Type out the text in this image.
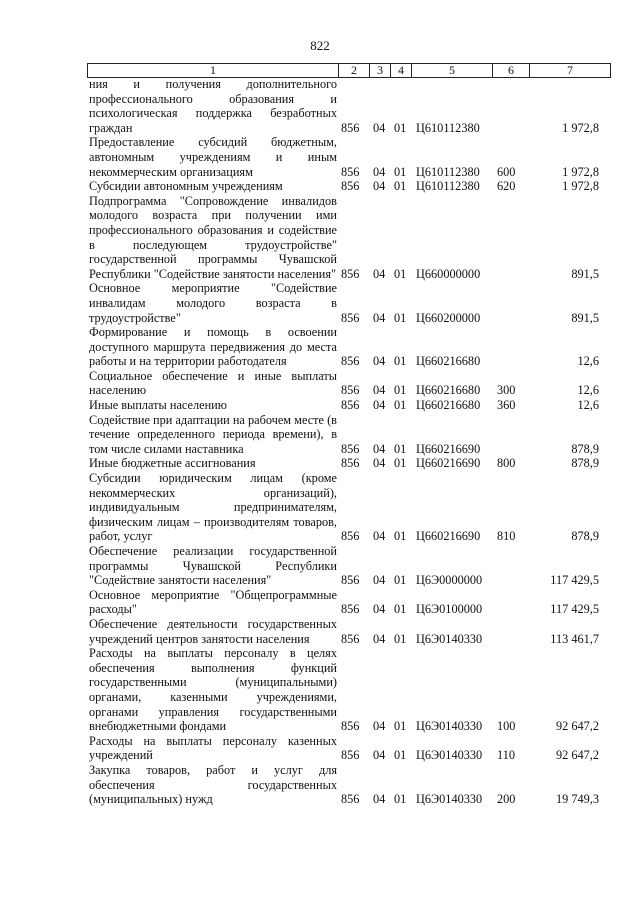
822
1	2	3	4	5	6	7
ния и получения дополнительного профессионального образования и психологическая поддержка безработных граждан	856 04 01 Ц610112380	1 972,8
Предоставление субсидий бюджетным, автономным учреждениям и иным некоммерческим организациям	856 04 01 Ц610112380 600	1 972,8
Субсидии автономным учреждениям	856 04 01 Ц610112380 620	1 972,8
Подпрограмма "Сопровождение инвалидов молодого возраста при получении ими профессионального образования и содействие в последующем трудоустройстве" государственной программы Чувашской Республики "Содействие занятости населения" 856 04 01 Ц660000000	891,5
Основное мероприятие "Содействие инвалидам молодого возраста в трудоустройстве"	856 04 01 Ц660200000	891,5
Формирование и помощь в освоении доступного маршрута передвижения до места работы и на территории работодателя	856 04 01 Ц660216680	12,6
Социальное обеспечение и иные выплаты населению	856 04 01 Ц660216680 300	12,6
Иные выплаты населению	856 04 01 Ц660216680 360	12,6
Содействие при адаптации на рабочем месте (в течение определенного периода времени), в том числе силами наставника	856 04 01 Ц660216690	878,9
Иные бюджетные ассигнования	856 04 01 Ц660216690 800	878,9
Субсидии юридическим лицам (кроме некоммерческих организаций), индивидуальным предпринимателям, физическим лицам – производителям товаров, работ, услуг	856 04 01 Ц660216690 810	878,9
Обеспечение реализации государственной программы Чувашской Республики "Содействие занятости населения"	856 04 01 Ц6Э0000000	117 429,5
Основное мероприятие "Общепрограммные расходы"	856 04 01 Ц6Э0100000	117 429,5
Обеспечение деятельности государственных учреждений центров занятости населения	856 04 01 Ц6Э0140330	113 461,7
Расходы на выплаты персоналу в целях обеспечения выполнения функций государственными (муниципальными) органами, казенными учреждениями, органами управления государственными внебюджетными фондами	856 04 01 Ц6Э0140330 100	92 647,2
Расходы на выплаты персоналу казенных учреждений	856 04 01 Ц6Э0140330 110	92 647,2
Закупка товаров, работ и услуг для обеспечения государственных (муниципальных) нужд	856 04 01 Ц6Э0140330 200	19 749,3
